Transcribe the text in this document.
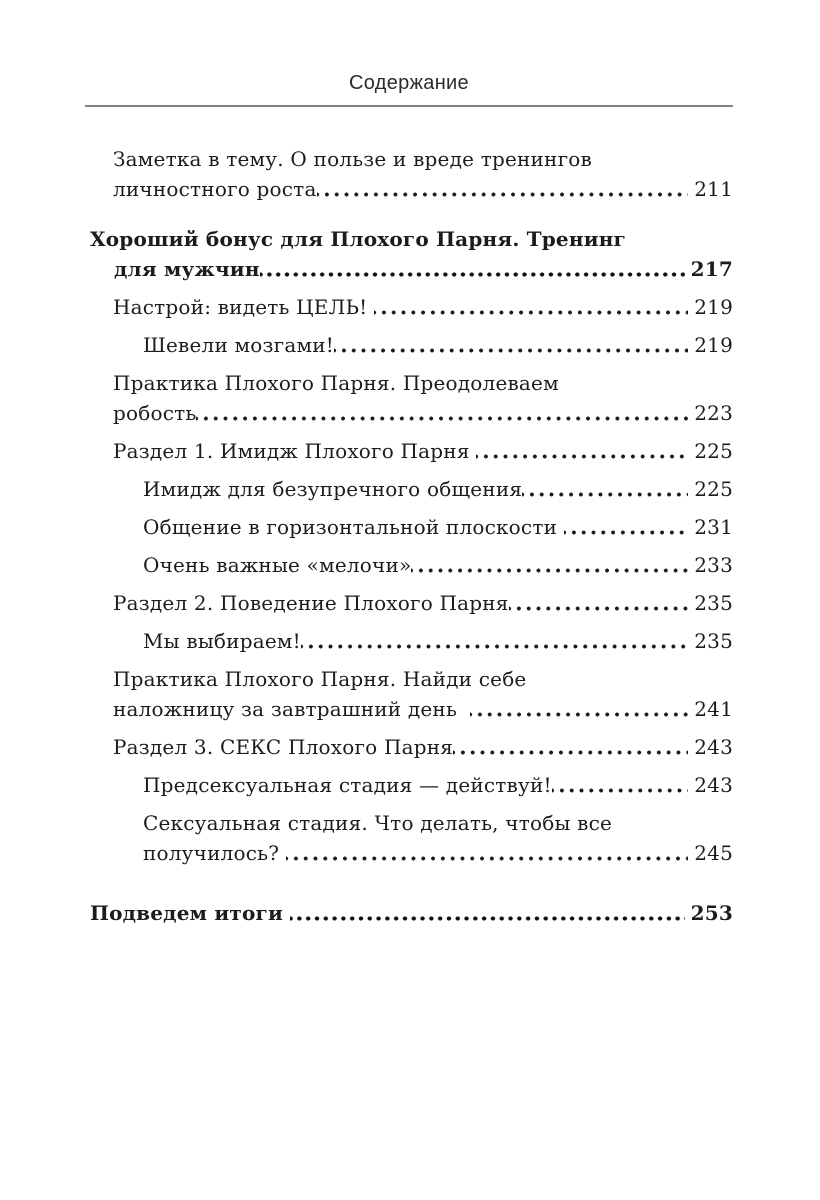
Содержание
Заметка в тему. О пользе и вреде тренингов
личностного роста	211
Хороший бонус для Плохого Парня. Тренинг
для мужчин	217
Настрой: видеть ЦЕЛЬ!	219
Шевели мозгами!	219
Практика Плохого Парня. Преодолеваем
робость	223
Раздел 1. Имидж Плохого Парня	225
Имидж для безупречного общения	225
Общение в горизонтальной плоскости	231
Очень важные «мелочи»	233
Раздел 2. Поведение Плохого Парня	235
Мы выбираем!	235
Практика Плохого Парня. Найди себе
наложницу за завтрашний день	241
Раздел 3. СЕКС Плохого Парня	243
Предсексуальная стадия — действуй!	243
Сексуальная стадия. Что делать, чтобы все
получилось?	245
Подведем итоги	253
